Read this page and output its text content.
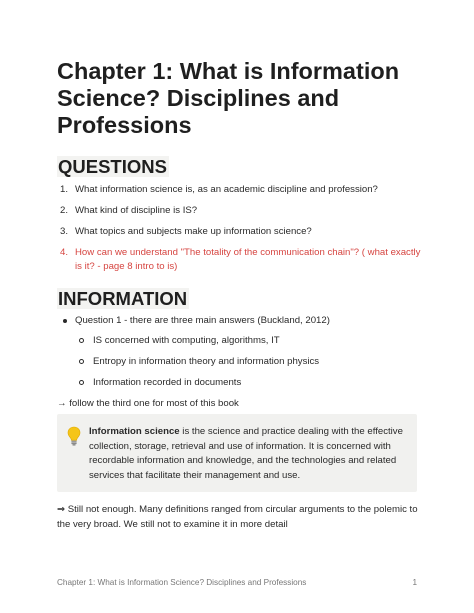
Chapter 1: What is Information Science? Disciplines and Professions
QUESTIONS
1. What information science is, as an academic discipline and profession?
2. What kind of discipline is IS?
3. What topics and subjects make up information science?
4. How can we understand "The totality of the communication chain"? ( what exactly is it? - page 8 intro to is)
INFORMATION
Question 1 - there are three main answers (Buckland, 2012)
IS concerned with computing, algorithms, IT
Entropy in information theory and information physics
Information recorded in documents
→ follow the third one for most of this book
Information science is the science and practice dealing with the effective collection, storage, retrieval and use of information. It is concerned with recordable information and knowledge, and the technologies and related services that facilitate their management and use.
⇒ Still not enough. Many definitions ranged from circular arguments to the polemic to the very broad. We still not to examine it in more detail
Chapter 1: What is Information Science? Disciplines and Professions	1
